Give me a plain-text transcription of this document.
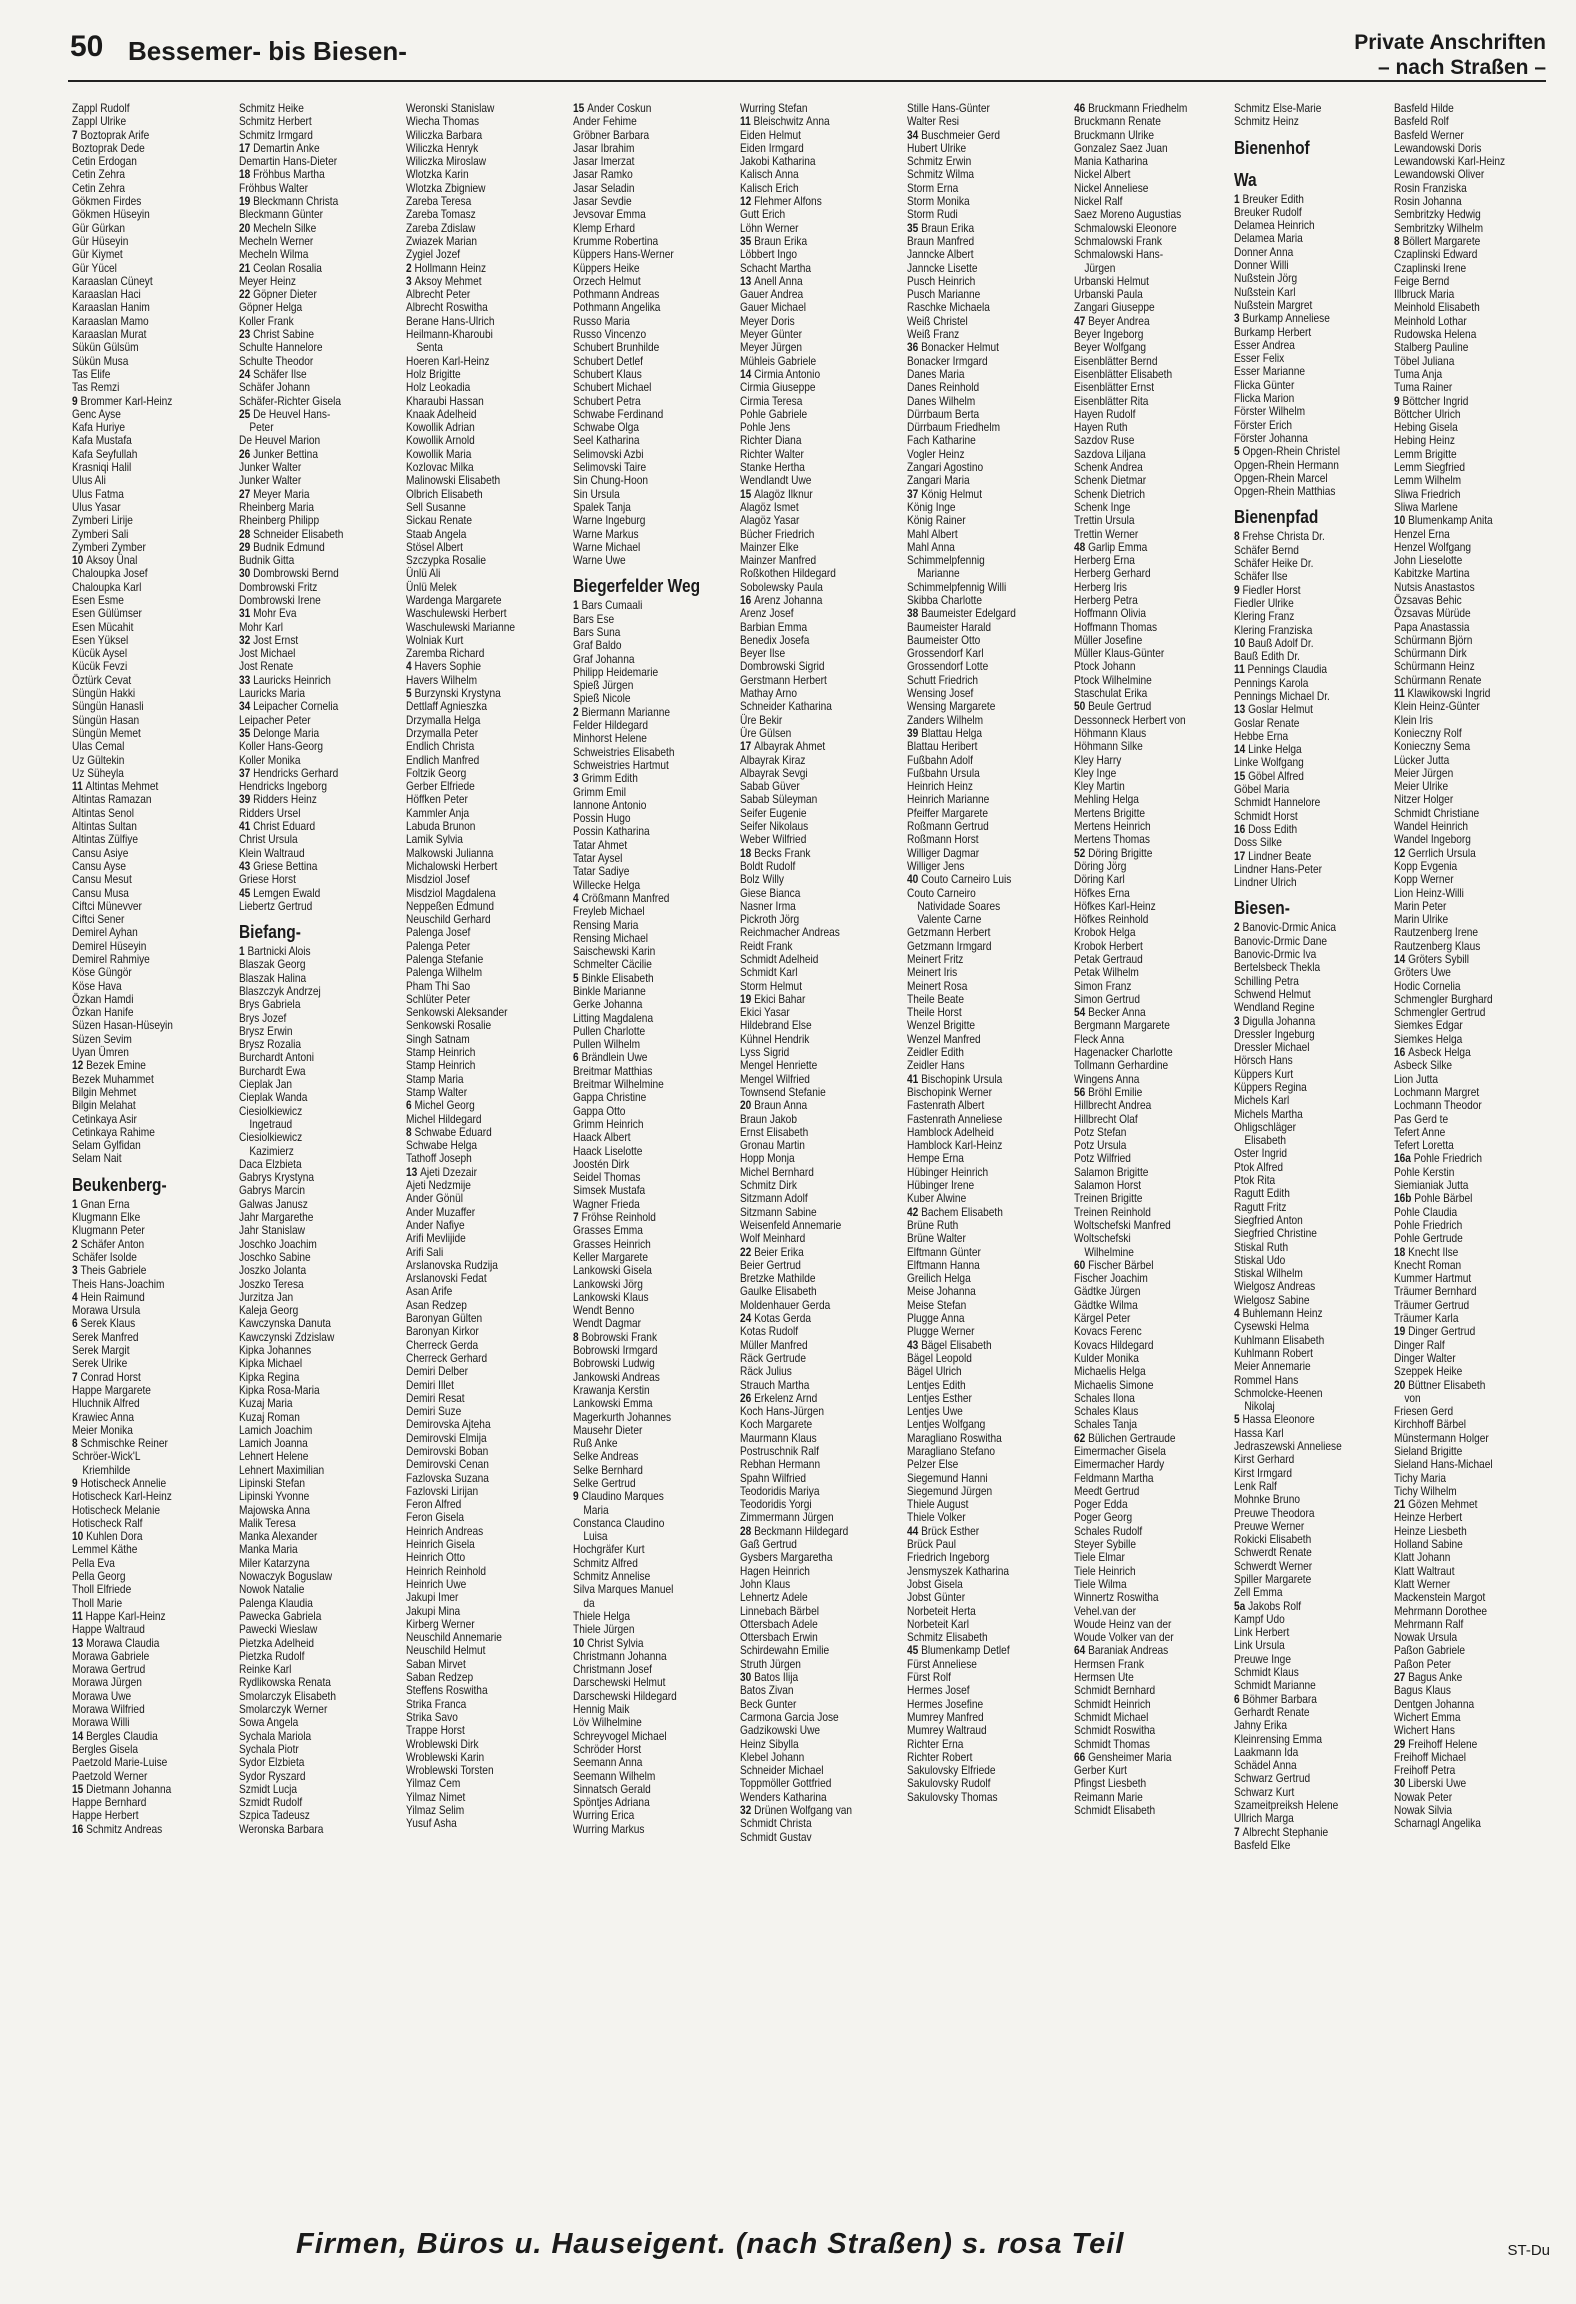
50 Bessemer- bis Biesen-	Private Anschriften
– nach Straßen –
Zappl Rudolf
Zappl Ulrike
7 Boztoprak Arife
Boztoprak Dede
Cetin Erdogan
Cetin Zehra
Cetin Zehra
Gökmen Firdes
Gökmen Hüseyin
Gür Gürkan
Gür Hüseyin
Gür Kiymet
Gür Yücel
Karaaslan Cüneyt
Karaaslan Haci
Karaaslan Hanim
Karaaslan Mamo
Karaaslan Murat
Sükün Gülsüm
Sükün Musa
Tas Elife
Tas Remzi
9 Brommer Karl-Heinz
Genc Ayse
Kafa Huriye
Kafa Mustafa
Kafa Seyfullah
Krasniqi Halil
Ulus Ali
Ulus Fatma
Ulus Yasar
Zymberi Lirije
Zymberi Sali
Zymberi Zymber
10 Aksoy Ünal
Chaloupka Josef
Chaloupka Karl
Esen Esme
Esen Gülümser
Esen Mücahit
Esen Yüksel
Kücük Aysel
Kücük Fevzi
Öztürk Cevat
Süngün Hakki
Süngün Hanasli
Süngün Hasan
Süngün Memet
Ulas Cemal
Uz Gültekin
Uz Süheyla
11 Altintas Mehmet
Altintas Ramazan
Altintas Senol
Altintas Sultan
Altintas Zülfiye
Cansu Asiye
Cansu Ayse
Cansu Mesut
Cansu Musa
Ciftci Münevver
Ciftci Sener
Demirel Ayhan
Demirel Hüseyin
Demirel Rahmiye
Köse Güngör
Köse Hava
Özkan Hamdi
Özkan Hanife
Süzen Hasan-Hüseyin
Süzen Sevim
Uyan Ümren
12 Bezek Emine
Bezek Muhammet
Bilgin Mehmet
Bilgin Melahat
Cetinkaya Asir
Cetinkaya Rahime
Selam Gylfidan
Selam Nait
Beukenberg-
1 Gnan Erna
Klugmann Elke
Klugmann Peter
2 Schäfer Anton
Schäfer Isolde
3 Theis Gabriele
Theis Hans-Joachim
4 Hein Raimund
Morawa Ursula
6 Serek Klaus
Serek Manfred
Serek Margit
Serek Ulrike
7 Conrad Horst
Happe Margarete
Hluchnik Alfred
Krawiec Anna
Meier Monika
8 Schmischke Reiner
Schröer-Wick'L
Kriemhilde
9 Hotischeck Annelie
Hotischeck Karl-Heinz
Hotischeck Melanie
Hotischeck Ralf
10 Kuhlen Dora
Lemmel Käthe
Pella Eva
Pella Georg
Tholl Elfriede
Tholl Marie
11 Happe Karl-Heinz
Happe Waltraud
13 Morawa Claudia
Morawa Gabriele
Morawa Gertrud
Morawa Jürgen
Morawa Uwe
Morawa Wilfried
Morawa Willi
14 Bergles Claudia
Bergles Gisela
Paetzold Marie-Luise
Paetzold Werner
15 Dietmann Johanna
Happe Bernhard
Happe Herbert
16 Schmitz Andreas
Schmitz Heike
Schmitz Herbert
Schmitz Irmgard
17 Demartin Anke
Demartin Hans-Dieter
18 Fröhbus Martha
Fröhbus Walter
19 Bleckmann Christa
Bleckmann Günter
20 Mecheln Silke
Mecheln Werner
Mecheln Wilma
21 Ceolan Rosalia
Meyer Heinz
22 Göpner Dieter
Göpner Helga
Koller Frank
23 Christ Sabine
Schulte Hannelore
Schulte Theodor
24 Schäfer Ilse
Schäfer Johann
Schäfer-Richter Gisela
25 De Heuvel Hans-
Peter
De Heuvel Marion
26 Junker Bettina
Junker Walter
Junker Walter
27 Meyer Maria
Rheinberg Maria
Rheinberg Philipp
28 Schneider Elisabeth
29 Budnik Edmund
Budnik Gitta
30 Dombrowski Bernd
Dombrowski Fritz
Dombrowski Irene
31 Mohr Eva
Mohr Karl
32 Jost Ernst
Jost Michael
Jost Renate
33 Lauricks Heinrich
Lauricks Maria
34 Leipacher Cornelia
Leipacher Peter
35 Delonge Maria
Koller Hans-Georg
Koller Monika
37 Hendricks Gerhard
Hendricks Ingeborg
39 Ridders Heinz
Ridders Ursel
41 Christ Eduard
Christ Ursula
Klein Waltraud
43 Griese Bettina
Griese Horst
45 Lemgen Ewald
Liebertz Gertrud
Biefang-
1 Bartnicki Alois
Blaszak Georg
Blaszak Halina
Blaszczyk Andrzej
Brys Gabriela
Brys Jozef
Brysz Erwin
Brysz Rozalia
Burchardt Antoni
Burchardt Ewa
Cieplak Jan
Cieplak Wanda
Ciesiolkiewicz
Ingetraud
Ciesiolkiewicz
Kazimierz
Daca Elzbieta
Gabrys Krystyna
Gabrys Marcin
Galwas Janusz
Jahr Margarethe
Jahr Stanislaw
Joschko Joachim
Joschko Sabine
Joszko Jolanta
Joszko Teresa
Jurzitza Jan
Kaleja Georg
Kawczynska Danuta
Kawczynski Zdzislaw
Kipka Johannes
Kipka Michael
Kipka Regina
Kipka Rosa-Maria
Kuzaj Maria
Kuzaj Roman
Lamich Joachim
Lamich Joanna
Lehnert Helene
Lehnert Maximilian
Lipinski Stefan
Lipinski Yvonne
Majowska Anna
Malik Teresa
Manka Alexander
Manka Maria
Miler Katarzyna
Nowaczyk Boguslaw
Nowok Natalie
Palenga Klaudia
Pawecka Gabriela
Pawecki Wieslaw
Pietzka Adelheid
Pietzka Rudolf
Reinke Karl
Rydlikowska Renata
Smolarczyk Elisabeth
Smolarczyk Werner
Sowa Angela
Sychala Mariola
Sychala Piotr
Sydor Elzbieta
Sydor Ryszard
Szmidt Lucja
Szmidt Rudolf
Szpica Tadeusz
Weronska Barbara
Weronski Stanislaw
Wiecha Thomas
Wiliczka Barbara
Wiliczka Henryk
Wiliczka Miroslaw
Wlotzka Karin
Wlotzka Zbigniew
Zareba Teresa
Zareba Tomasz
Zareba Zdislaw
Zwiazek Marian
Zygiel Jozef
2 Hollmann Heinz
3 Aksoy Mehmet
Albrecht Peter
Albrecht Roswitha
Berane Hans-Ulrich
Heilmann-Kharoubi
Senta
Hoeren Karl-Heinz
Holz Brigitte
Holz Leokadia
Kharaubi Hassan
Knaak Adelheid
Kowollik Adrian
Kowollik Arnold
Kowollik Maria
Kozlovac Milka
Malinowski Elisabeth
Olbrich Elisabeth
Sell Susanne
Sickau Renate
Staab Angela
Stösel Albert
Szczypka Rosalie
Ünlü Ali
Ünlü Melek
Wardenga Margarete
Waschulewski Herbert
Waschulewski Marianne
Wolniak Kurt
Zaremba Richard
4 Havers Sophie
Havers Wilhelm
5 Burzynski Krystyna
Dettlaff Agnieszka
Drzymalla Helga
Drzymalla Peter
Endlich Christa
Endlich Manfred
Foltzik Georg
Gerber Elfriede
Höffken Peter
Kammler Anja
Labuda Brunon
Lamik Sylvia
Malkowski Julianna
Michalowski Herbert
Misdziol Josef
Misdziol Magdalena
Neppeßen Edmund
Neuschild Gerhard
Palenga Josef
Palenga Peter
Palenga Stefanie
Palenga Wilhelm
Pham Thi Sao
Schlüter Peter
Senkowski Aleksander
Senkowski Rosalie
Singh Satnam
Stamp Heinrich
Stamp Heinrich
Stamp Maria
Stamp Walter
6 Michel Georg
Michel Hildegard
8 Schwabe Eduard
Schwabe Helga
Tathoff Joseph
13 Ajeti Dzezair
Ajeti Nedzmije
Ander Gönül
Ander Muzaffer
Ander Nafiye
Arifi Mevlijide
Arifi Sali
Arslanovska Rudzija
Arslanovski Fedat
Asan Arife
Asan Redzep
Baronyan Gülten
Baronyan Kirkor
Cherreck Gerda
Cherreck Gerhard
Demiri Delber
Demiri Illet
Demiri Resat
Demiri Suze
Demirovska Ajteha
Demirovski Elmija
Demirovski Boban
Demirovski Cenan
Fazlovska Suzana
Fazlovski Lirijan
Feron Alfred
Feron Gisela
Heinrich Andreas
Heinrich Gisela
Heinrich Otto
Heinrich Reinhold
Heinrich Uwe
Jakupi Imer
Jakupi Mina
Kirberg Werner
Neuschild Annemarie
Neuschild Helmut
Saban Mirvet
Saban Redzep
Steffens Roswitha
Strika Franca
Strika Savo
Trappe Horst
Wroblewski Dirk
Wroblewski Karin
Wroblewski Torsten
Yilmaz Cem
Yilmaz Nimet
Yilmaz Selim
Yusuf Asha
15 Ander Coskun
Ander Fehime
Gröbner Barbara
Jasar Ibrahim
Jasar Imerzat
Jasar Ramko
Jasar Seladin
Jasar Sevdie
Jevsovar Emma
Klemp Erhard
Krumme Robertina
Küppers Hans-Werner
Küppers Heike
Orzech Helmut
Pothmann Andreas
Pothmann Angelika
Russo Maria
Russo Vincenzo
Schubert Brunhilde
Schubert Detlef
Schubert Klaus
Schubert Michael
Schubert Petra
Schwabe Ferdinand
Schwabe Olga
Seel Katharina
Selimovski Azbi
Selimovski Taire
Sin Chung-Hoon
Sin Ursula
Spalek Tanja
Warne Ingeburg
Warne Markus
Warne Michael
Warne Uwe
Biegerfelder Weg
1 Bars Cumaali
Bars Ese
Bars Suna
Graf Baldo
Graf Johanna
Philipp Heidemarie
Spieß Jürgen
Spieß Nicole
2 Biermann Marianne
Felder Hildegard
Minhorst Helene
Schweistries Elisabeth
Schweistries Hartmut
3 Grimm Edith
Grimm Emil
Iannone Antonio
Possin Hugo
Possin Katharina
Tatar Ahmet
Tatar Aysel
Tatar Sadiye
Willecke Helga
4 Crößmann Manfred
Freyleb Michael
Rensing Maria
Rensing Michael
Saischewski Karin
Schmelter Cäcilie
5 Binkle Elisabeth
Binkle Marianne
Gerke Johanna
Litting Magdalena
Pullen Charlotte
Pullen Wilhelm
6 Brändlein Uwe
Breitmar Matthias
Breitmar Wilhelmine
Gappa Christine
Gappa Otto
Grimm Heinrich
Haack Albert
Haack Liselotte
Joostén Dirk
Seidel Thomas
Simsek Mustafa
Wagner Frieda
7 Fröhse Reinhold
Grasses Emma
Grasses Heinrich
Keller Margarete
Lankowski Gisela
Lankowski Jörg
Lankowski Klaus
Wendt Benno
Wendt Dagmar
8 Bobrowski Frank
Bobrowski Irmgard
Bobrowski Ludwig
Jankowski Andreas
Krawanja Kerstin
Lankowski Emma
Magerkurth Johannes
Mausehr Dieter
Ruß Anke
Selke Andreas
Selke Bernhard
Selke Gertrud
9 Claudino Marques
Maria
Constanca Claudino
Luisa
Hochgräfer Kurt
Schmitz Alfred
Schmitz Annelise
Silva Marques Manuel
da
Thiele Helga
Thiele Jürgen
10 Christ Sylvia
Christmann Johanna
Christmann Josef
Darschewski Helmut
Darschewski Hildegard
Hennig Maik
Löv Wilhelmine
Schreyvogel Michael
Schröder Horst
Seemann Anna
Seemann Wilhelm
Sinnatsch Gerald
Spöntjes Adriana
Wurring Erica
Wurring Markus
Wurring Stefan
11 Bleischwitz Anna
Eiden Helmut
Eiden Irmgard
Jakobi Katharina
Kalisch Anna
Kalisch Erich
12 Flehmer Alfons
Gutt Erich
Löhn Werner
35 Braun Erika
Löbbert Ingo
Schacht Martha
13 Anell Anna
Gauer Andrea
Gauer Michael
Meyer Doris
Meyer Günter
Meyer Jürgen
Mühleis Gabriele
14 Cirmia Antonio
Cirmia Giuseppe
Cirmia Teresa
Pohle Gabriele
Pohle Jens
Richter Diana
Richter Walter
Stanke Hertha
Wendlandt Uwe
15 Alagöz Ilknur
Alagöz Ismet
Alagöz Yasar
Bücher Friedrich
Mainzer Elke
Mainzer Manfred
Roßkothen Hildegard
Sobolewsky Paula
16 Arenz Johanna
Arenz Josef
Barbian Emma
Benedix Josefa
Beyer Ilse
Dombrowski Sigrid
Gerstmann Herbert
Mathay Arno
Schneider Katharina
Üre Bekir
Üre Gülsen
17 Albayrak Ahmet
Albayrak Kiraz
Albayrak Sevgi
Sabab Güver
Sabab Süleyman
Seifer Eugenie
Seifer Nikolaus
Weber Wilfried
18 Becks Frank
Boldt Rudolf
Bolz Willy
Giese Bianca
Nasner Irma
Pickroth Jörg
Reichmacher Andreas
Reidt Frank
Schmidt Adelheid
Schmidt Karl
Storm Helmut
19 Ekici Bahar
Ekici Yasar
Hildebrand Else
Kühnel Hendrik
Lyss Sigrid
Mengel Henriette
Mengel Wilfried
Townsend Stefanie
20 Braun Anna
Braun Jakob
Ernst Elisabeth
Gronau Martin
Hopp Monja
Michel Bernhard
Schmitz Dirk
Sitzmann Adolf
Sitzmann Sabine
Weisenfeld Annemarie
Wolf Meinhard
22 Beier Erika
Beier Gertrud
Bretzke Mathilde
Gaulke Elisabeth
Moldenhauer Gerda
24 Kotas Gerda
Kotas Rudolf
Müller Manfred
Räck Gertrude
Räck Julius
Strauch Martha
26 Erkelenz Arnd
Koch Hans-Jürgen
Koch Margarete
Maurmann Klaus
Postruschnik Ralf
Rebhan Hermann
Spahn Wilfried
Teodoridis Mariya
Teodoridis Yorgi
Zimmermann Jürgen
28 Beckmann Hildegard
Gaß Gertrud
Gysbers Margaretha
Hagen Heinrich
John Klaus
Lehnertz Adele
Linnebach Bärbel
Ottersbach Adele
Ottersbach Erwin
Schirdewahn Emilie
Struth Jürgen
30 Batos Ilija
Batos Zivan
Beck Gunter
Carmona Garcia Jose
Gadzikowski Uwe
Heinz Sibylla
Klebel Johann
Schneider Michael
Toppmöller Gottfried
Wenders Katharina
32 Drünen Wolfgang van
Schmidt Christa
Schmidt Gustav
Stille Hans-Günter
Walter Resi
34 Buschmeier Gerd
Hubert Ulrike
Schmitz Erwin
Schmitz Wilma
Storm Erna
Storm Monika
Storm Rudi
35 Braun Erika
Braun Manfred
Janncke Albert
Janncke Lisette
Pusch Heinrich
Pusch Marianne
Raschke Michaela
Weiß Christel
Weiß Franz
36 Bonacker Helmut
Bonacker Irmgard
Danes Maria
Danes Reinhold
Danes Wilhelm
Dürrbaum Berta
Dürrbaum Friedhelm
Fach Katharine
Vogler Heinz
Zangari Agostino
Zangari Maria
37 König Helmut
König Inge
König Rainer
Mahl Albert
Mahl Anna
Schimmelpfennig
Marianne
Schimmelpfennig Willi
Skibba Charlotte
38 Baumeister Edelgard
Baumeister Harald
Baumeister Otto
Grossendorf Karl
Grossendorf Lotte
Schutt Friedrich
Wensing Josef
Wensing Margarete
Zanders Wilhelm
39 Blattau Helga
Blattau Heribert
Fußbahn Adolf
Fußbahn Ursula
Heinrich Heinz
Heinrich Marianne
Pfeiffer Margarete
Roßmann Gertrud
Roßmann Horst
Williger Dagmar
Williger Jens
40 Couto Carneiro Luis
Couto Carneiro
Natividade Soares
Valente Carne
Getzmann Herbert
Getzmann Irmgard
Meinert Fritz
Meinert Iris
Meinert Rosa
Theile Beate
Theile Horst
Wenzel Brigitte
Wenzel Manfred
Zeidler Edith
Zeidler Hans
41 Bischopink Ursula
Bischopink Werner
Fastenrath Albert
Fastenrath Anneliese
Hamblock Adelheid
Hamblock Karl-Heinz
Hempe Erna
Hübinger Heinrich
Hübinger Irene
Kuber Alwine
42 Bachem Elisabeth
Brüne Ruth
Brüne Walter
Elftmann Günter
Elftmann Hanna
Greilich Helga
Meise Johanna
Meise Stefan
Plugge Anna
Plugge Werner
43 Bägel Elisabeth
Bägel Leopold
Bägel Ulrich
Lentjes Edith
Lentjes Esther
Lentjes Uwe
Lentjes Wolfgang
Maragliano Roswitha
Maragliano Stefano
Pelzer Else
Siegemund Hanni
Siegemund Jürgen
Thiele August
Thiele Volker
44 Brück Esther
Brück Paul
Friedrich Ingeborg
Jensmyszek Katharina
Jobst Gisela
Jobst Günter
Norbeteit Herta
Norbeteit Karl
Schmitz Elisabeth
45 Blumenkamp Detlef
Fürst Anneliese
Fürst Rolf
Hermes Josef
Hermes Josefine
Mumrey Manfred
Mumrey Waltraud
Richter Erna
Richter Robert
Sakulovsky Elfriede
Sakulovsky Rudolf
Sakulovsky Thomas
46 Bruckmann Friedhelm
Bruckmann Renate
Bruckmann Ulrike
Gonzalez Saez Juan
Mania Katharina
Nickel Albert
Nickel Anneliese
Nickel Ralf
Saez Moreno Augustias
Schmalowski Eleonore
Schmalowski Frank
Schmalowski Hans-
Jürgen
Urbanski Helmut
Urbanski Paula
Zangari Giuseppe
47 Beyer Andrea
Beyer Ingeborg
Beyer Wolfgang
Eisenblätter Bernd
Eisenblätter Elisabeth
Eisenblätter Ernst
Eisenblätter Rita
Hayen Rudolf
Hayen Ruth
Sazdov Ruse
Sazdova Liljana
Schenk Andrea
Schenk Dietmar
Schenk Dietrich
Schenk Inge
Trettin Ursula
Trettin Werner
48 Garlip Emma
Herberg Erna
Herberg Gerhard
Herberg Iris
Herberg Petra
Hoffmann Olivia
Hoffmann Thomas
Müller Josefine
Müller Klaus-Günter
Ptock Johann
Ptock Wilhelmine
Staschulat Erika
50 Beule Gertrud
Dessonneck Herbert von
Höhmann Klaus
Höhmann Silke
Kley Harry
Kley Inge
Kley Martin
Mehling Helga
Mertens Brigitte
Mertens Heinrich
Mertens Thomas
52 Döring Brigitte
Döring Jörg
Döring Karl
Höfkes Erna
Höfkes Karl-Heinz
Höfkes Reinhold
Krobok Helga
Krobok Herbert
Petak Gertraud
Petak Wilhelm
Simon Franz
Simon Gertrud
54 Becker Anna
Bergmann Margarete
Fleck Anna
Hagenacker Charlotte
Tollmann Gerhardine
Wingens Anna
56 Bröhl Emilie
Hillbrecht Andrea
Hillbrecht Olaf
Potz Stefan
Potz Ursula
Potz Wilfried
Salamon Brigitte
Salamon Horst
Treinen Brigitte
Treinen Reinhold
Woltschefski Manfred
Woltschefski
Wilhelmine
60 Fischer Bärbel
Fischer Joachim
Gädtke Jürgen
Gädtke Wilma
Kärgel Peter
Kovacs Ferenc
Kovacs Hildegard
Kulder Monika
Michaelis Helga
Michaelis Simone
Schales Ilona
Schales Klaus
Schales Tanja
62 Bülichen Gertraude
Eimermacher Gisela
Eimermacher Hardy
Feldmann Martha
Meedt Gertrud
Poger Edda
Poger Georg
Schales Rudolf
Steyer Sybille
Tiele Elmar
Tiele Heinrich
Tiele Wilma
Winnertz Roswitha
Vehel.van der
Woude Heinz van der
Woude Volker van der
64 Baraniak Andreas
Hermsen Frank
Hermsen Ute
Schmidt Bernhard
Schmidt Heinrich
Schmidt Michael
Schmidt Roswitha
Schmidt Thomas
66 Gensheimer Maria
Gerber Kurt
Pfingst Liesbeth
Reimann Marie
Schmidt Elisabeth
Schmitz Else-Marie
Schmitz Heinz
Bienenhof
Wa
1 Breuker Edith
Breuker Rudolf
Delamea Heinrich
Delamea Maria
Donner Anna
Donner Willi
Nußstein Jörg
Nußstein Karl
Nußstein Margret
3 Burkamp Anneliese
Burkamp Herbert
Esser Andrea
Esser Felix
Esser Marianne
Flicka Günter
Flicka Marion
Förster Wilhelm
Förster Erich
Förster Johanna
5 Opgen-Rhein Christel
Opgen-Rhein Hermann
Opgen-Rhein Marcel
Opgen-Rhein Matthias
Bienenpfad
8 Frehse Christa Dr.
Schäfer Bernd
Schäfer Heike Dr.
Schäfer Ilse
9 Fiedler Horst
Fiedler Ulrike
Klering Franz
Klering Franziska
10 Bauß Adolf Dr.
Bauß Edith Dr.
11 Pennings Claudia
Pennings Karola
Pennings Michael Dr.
13 Goslar Helmut
Goslar Renate
Hebbe Erna
14 Linke Helga
Linke Wolfgang
15 Göbel Alfred
Göbel Maria
Schmidt Hannelore
Schmidt Horst
16 Doss Edith
Doss Silke
17 Lindner Beate
Lindner Hans-Peter
Lindner Ulrich
Biesen-
2 Banovic-Drmic Anica
Banovic-Drmic Dane
Banovic-Drmic Iva
Bertelsbeck Thekla
Schilling Petra
Schwend Helmut
Wendland Regine
3 Digulla Johanna
Dressler Ingeburg
Dressler Michael
Hörsch Hans
Küppers Kurt
Küppers Regina
Michels Karl
Michels Martha
Ohligschläger
Elisabeth
Oster Ingrid
Ptok Alfred
Ptok Rita
Ragutt Edith
Ragutt Fritz
Siegfried Anton
Siegfried Christine
Stiskal Ruth
Stiskal Udo
Stiskal Wilhelm
Wielgosz Andreas
Wielgosz Sabine
4 Buhlemann Heinz
Cysewski Helma
Kuhlmann Elisabeth
Kuhlmann Robert
Meier Annemarie
Rommel Hans
Schmolcke-Heenen
Nikolaj
5 Hassa Eleonore
Hassa Karl
Jedraszewski Anneliese
Kirst Gerhard
Kirst Irmgard
Lenk Ralf
Mohnke Bruno
Preuwe Theodora
Preuwe Werner
Rokicki Elisabeth
Schwerdt Renate
Schwerdt Werner
Spiller Margarete
Zell Emma
5a Jakobs Rolf
Kampf Udo
Link Herbert
Link Ursula
Preuwe Inge
Schmidt Klaus
Schmidt Marianne
6 Böhmer Barbara
Gerhardt Renate
Jahny Erika
Kleinrensing Emma
Laakmann Ida
Schädel Anna
Schwarz Gertrud
Schwarz Kurt
Szameitpreiksh Helene
Ullrich Marga
7 Albrecht Stephanie
Basfeld Elke
Basfeld Hilde
Basfeld Rolf
Basfeld Werner
Lewandowski Doris
Lewandowski Karl-Heinz
Lewandowski Oliver
Rosin Franziska
Rosin Johanna
Sembritzky Hedwig
Sembritzky Wilhelm
8 Böllert Margarete
Czaplinski Edward
Czaplinski Irene
Feige Bernd
Illbruck Maria
Meinhold Elisabeth
Meinhold Lothar
Rudowska Helena
Stalberg Pauline
Töbel Juliana
Tuma Anja
Tuma Rainer
9 Böttcher Ingrid
Böttcher Ulrich
Hebing Gisela
Hebing Heinz
Lemm Brigitte
Lemm Siegfried
Lemm Wilhelm
Sliwa Friedrich
Sliwa Marlene
10 Blumenkamp Anita
Henzel Erna
Henzel Wolfgang
John Lieselotte
Kabitzke Martina
Nutsis Anastastos
Özsavas Behic
Özsavas Mürüde
Papa Anastassia
Schürmann Björn
Schürmann Dirk
Schürmann Heinz
Schürmann Renate
11 Klawikowski Ingrid
Klein Heinz-Günter
Klein Iris
Konieczny Rolf
Konieczny Sema
Lücker Jutta
Meier Jürgen
Meier Ulrike
Nitzer Holger
Schmidt Christiane
Wandel Heinrich
Wandel Ingeborg
12 Gerrlich Ursula
Kopp Evgenia
Kopp Werner
Lion Heinz-Willi
Marin Peter
Marin Ulrike
Rautzenberg Irene
Rautzenberg Klaus
14 Gröters Sybill
Gröters Uwe
Hodic Cornelia
Schmengler Burghard
Schmengler Gertrud
Siemkes Edgar
Siemkes Helga
16 Asbeck Helga
Asbeck Silke
Lion Jutta
Lochmann Margret
Lochmann Theodor
Pas Gerd te
Tefert Anne
Tefert Loretta
16a Pohle Friedrich
Pohle Kerstin
Siemianiak Jutta
16b Pohle Bärbel
Pohle Claudia
Pohle Friedrich
Pohle Gertrude
18 Knecht Ilse
Knecht Roman
Kummer Hartmut
Träumer Bernhard
Träumer Gertrud
Träumer Karla
19 Dinger Gertrud
Dinger Ralf
Dinger Walter
Szeppek Heike
20 Büttner Elisabeth
von
Friesen Gerd
Kirchhoff Bärbel
Münstermann Holger
Sieland Brigitte
Sieland Hans-Michael
Tichy Maria
Tichy Wilhelm
21 Gözen Mehmet
Heinze Herbert
Heinze Liesbeth
Holland Sabine
Klatt Johann
Klatt Waltraut
Klatt Werner
Mackenstein Margot
Mehrmann Dorothee
Mehrmann Ralf
Nowak Ursula
Paßon Gabriele
Paßon Peter
27 Bagus Anke
Bagus Klaus
Dentgen Johanna
Wichert Emma
Wichert Hans
29 Freihoff Helene
Freihoff Michael
Freihoff Petra
30 Liberski Uwe
Nowak Peter
Nowak Silvia
Scharnagl Angelika
Firmen, Büros u. Hauseigent. (nach Straßen) s. rosa Teil	ST-Du
